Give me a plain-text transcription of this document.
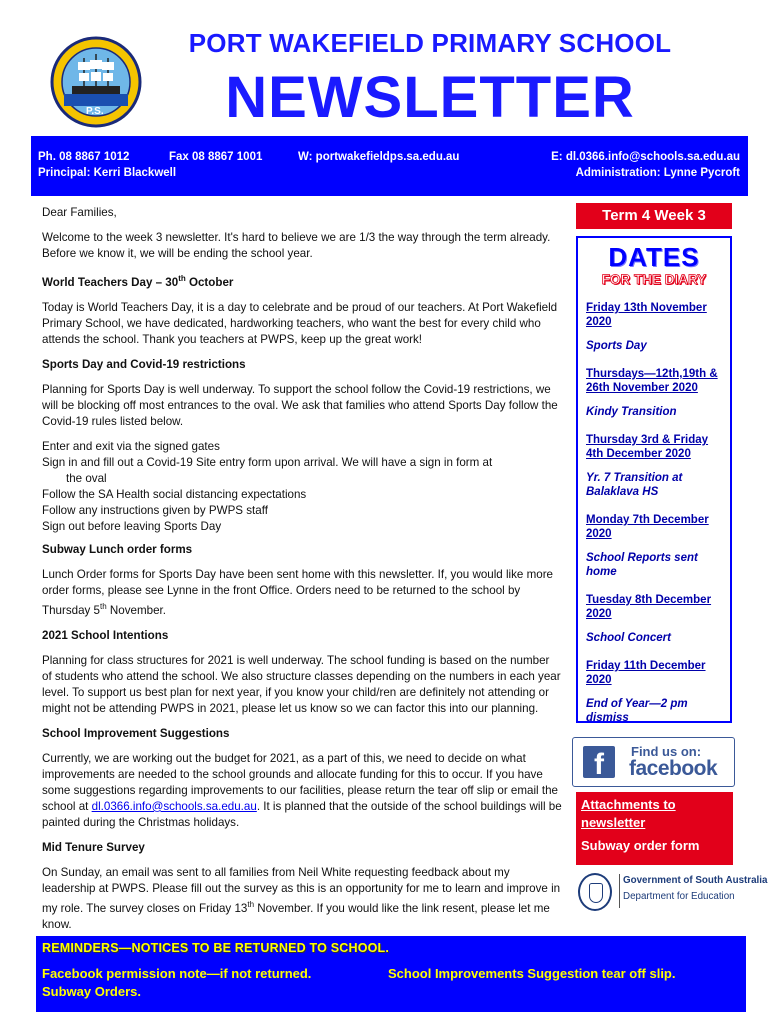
P.S.
PORT WAKEFIELD PRIMARY SCHOOL
NEWSLETTER
Ph. 08 8867 1012	Fax 08 8867 1001	W: portwakefieldps.sa.edu.au	E: dl.0366.info@schools.sa.edu.au
Principal: Kerri Blackwell	Administration: Lynne Pycroft

Dear Families,

Welcome to the week 3 newsletter. It's hard to believe we are 1/3 the way through the term already. Before we know it, we will be ending the school year.

World Teachers Day – 30th October

Today is World Teachers Day, it is a day to celebrate and be proud of our teachers. At Port Wakefield Primary School, we have dedicated, hardworking teachers, who want the best for every child who attends the school. Thank you teachers at PWPS, keep up the great work!

Sports Day and Covid-19 restrictions

Planning for Sports Day is well underway. To support the school follow the Covid-19 restrictions, we will be blocking off most entrances to the oval. We ask that families who attend Sports Day follow the Covid-19 rules listed below.

Enter and exit via the signed gates
Sign in and fill out a Covid-19 Site entry form upon arrival. We will have a sign in form at
the oval
Follow the SA Health social distancing expectations
Follow any instructions given by PWPS staff
Sign out before leaving Sports Day
Subway Lunch order forms

Lunch Order forms for Sports Day have been sent home with this newsletter. If, you would like more order forms, please see Lynne in the front Office. Orders need to be returned to the school by Thursday 5th November.

2021 School Intentions

Planning for class structures for 2021 is well underway. The school funding is based on the number of students who attend the school. We also structure classes depending on the numbers in each year level. To support us best plan for next year, if you know your child/ren are definitely not attending or might not be attending PWPS in 2021, please let us know so we can factor this into our planning.

School Improvement Suggestions

Currently, we are working out the budget for 2021, as a part of this, we need to decide on what improvements are needed to the school grounds and allocate funding for this to occur. If you have some suggestions regarding improvements to our facilities, please return the tear off slip or email the school at dl.0366.info@schools.sa.edu.au. It is planned that the outside of the school buildings will be painted during the Christmas holidays.

Mid Tenure Survey

On Sunday, an email was sent to all families from Neil White requesting feedback about my leadership at PWPS. Please fill out the survey as this is an opportunity for me to learn and improve in my role. The survey closes on Friday 13th November. If you would like the link resent, please let me know.

Term 4 Week 3
DATES
FOR THE DIARY
Friday 13th November 2020
Sports Day
Thursdays—12th,19th & 26th November 2020
Kindy Transition
Thursday 3rd & Friday 4th December 2020
Yr. 7 Transition at Balaklava HS
Monday 7th December 2020
School Reports sent home
Tuesday 8th December 2020
School Concert
Friday 11th December 2020
End of Year—2 pm dismiss
f	Find us on:
facebook
Attachments to newsletter
Subway order form
Government of South Australia
Department for Education
REMINDERS—NOTICES TO BE RETURNED TO SCHOOL.
Facebook permission note—if not returned.	School Improvements Suggestion tear off slip.
Subway Orders.
